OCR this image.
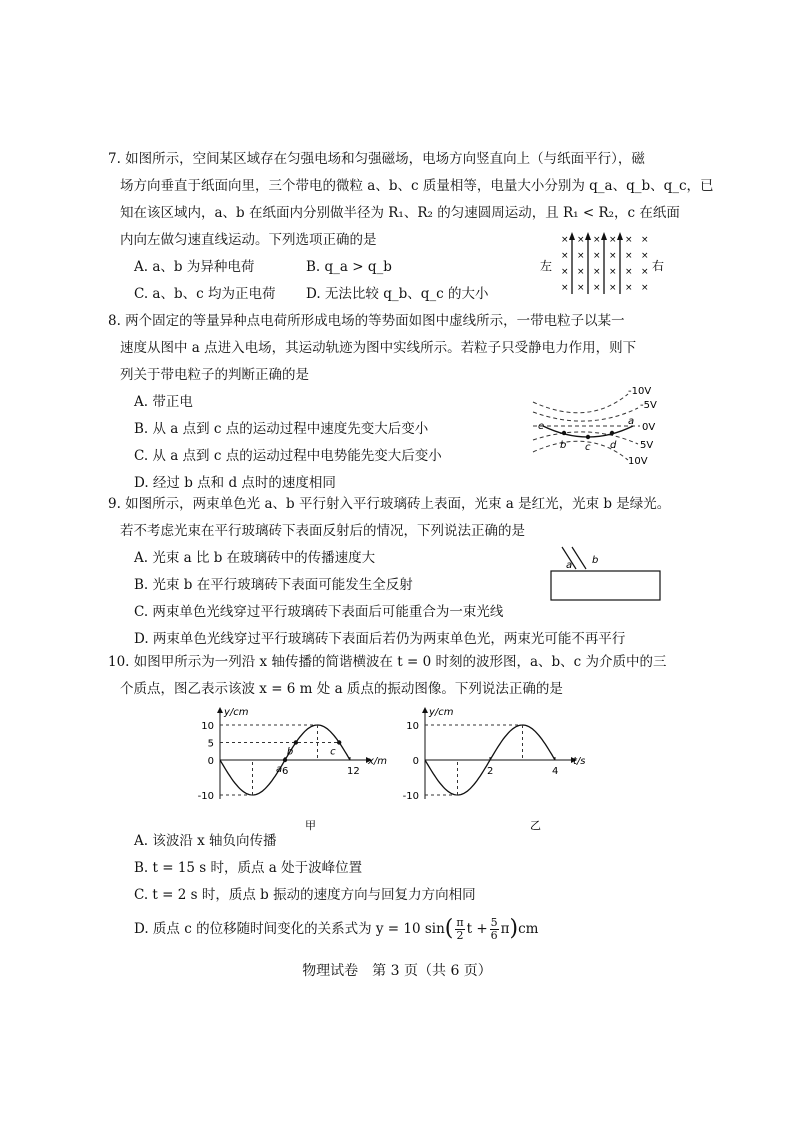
7. 如图所示，空间某区域存在匀强电场和匀强磁场，电场方向竖直向上（与纸面平行），磁
场方向垂直于纸面向里，三个带电的微粒 a、b、c 质量相等，电量大小分别为 q_a、q_b、q_c，已
知在该区域内，a、b 在纸面内分别做半径为 R₁、R₂ 的匀速圆周运动，且 R₁ < R₂，c 在纸面
内向左做匀速直线运动。下列选项正确的是
A. a、b 为异种电荷	B. q_a > q_b
C. a、b、c 均为正电荷	D. 无法比较 q_b、q_c 的大小
×
×
×
×
×
×
×
×
×
×
×
×
×
×
×
×
×
×
×
×
×
×
×
×
左	右
8. 两个固定的等量异种点电荷所形成电场的等势面如图中虚线所示，一带电粒子以某一
速度从图中 a 点进入电场，其运动轨迹为图中实线所示。若粒子只受静电力作用，则下
列关于带电粒子的判断正确的是
A. 带正电
B. 从 a 点到 c 点的运动过程中速度先变大后变小
C. 从 a 点到 c 点的运动过程中电势能先变大后变小
D. 经过 b 点和 d 点时的速度相同
e
b c d
a
-10V
-5V
0V
5V
10V
9. 如图所示，两束单色光 a、b 平行射入平行玻璃砖上表面，光束 a 是红光，光束 b 是绿光。
若不考虑光束在平行玻璃砖下表面反射后的情况，下列说法正确的是
A. 光束 a 比 b 在玻璃砖中的传播速度大
B. 光束 b 在平行玻璃砖下表面可能发生全反射
C. 两束单色光线穿过平行玻璃砖下表面后可能重合为一束光线
D. 两束单色光线穿过平行玻璃砖下表面后若仍为两束单色光，两束光可能不再平行
a b
10. 如图甲所示为一列沿 x 轴传播的简谐横波在 t = 0 时刻的波形图，a、b、c 为介质中的三
个质点，图乙表示该波 x = 6 m 处 a 质点的振动图像。下列说法正确的是
y/cm
x/m
10
5
0
-10
6	12
a
b	c
甲
y/cm
t/s
10
0
-10
2	4
乙
A. 该波沿 x 轴负向传播
B. t = 15 s 时，质点 a 处于波峰位置
C. t = 2 s 时，质点 b 振动的速度方向与回复力方向相同
D. 质点 c 的位移随时间变化的关系式为 y = 10 sin ( $\frac{\pi}{2}$ $t + \frac{5}{6}$ π ) cm
物理试卷　第 3 页（共 6 页）
